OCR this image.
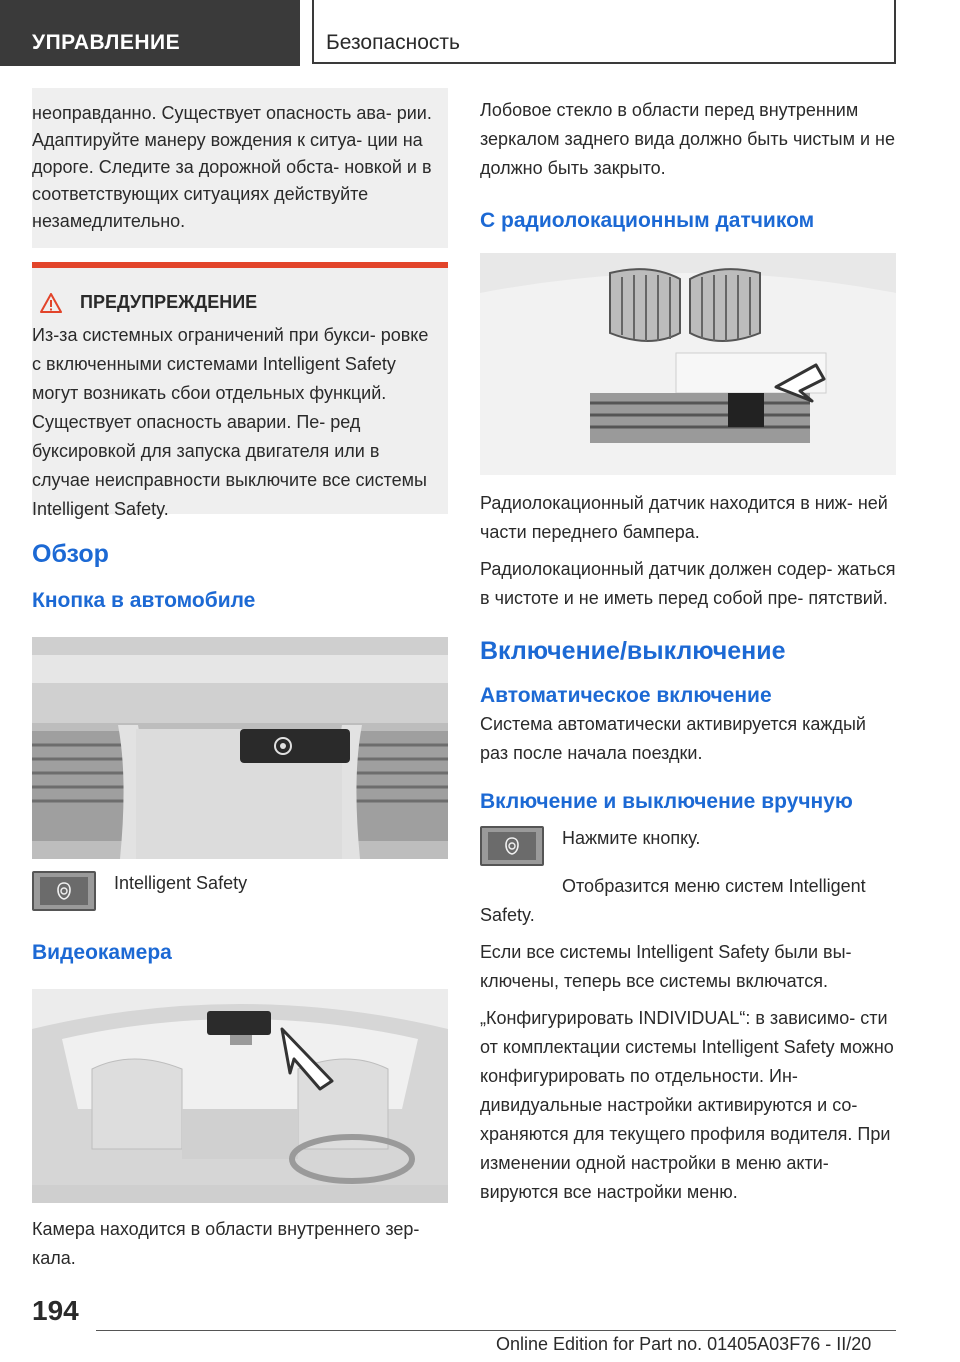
УПРАВЛЕНИЕ	Безопасность

неоправданно. Существует опасность ава- рии. Адаптируйте манеру вождения к ситуа- ции на дороге. Следите за дорожной обста- новкой и в соответствующих ситуациях действуйте незамедлительно.

ПРЕДУПРЕЖДЕНИЕ

Из-за системных ограничений при букси- ровке с включенными системами Intelligent Safety могут возникать сбои отдельных функций. Существует опасность аварии. Пе- ред буксировкой для запуска двигателя или в случае неисправности выключите все системы Intelligent Safety.

Обзор
Кнопка в автомобиле
Intelligent Safety
Видеокамера

Камера находится в области внутреннего зер- кала.

Лобовое стекло в области перед внутренним зеркалом заднего вида должно быть чистым и не должно быть закрыто.

С радиолокационным датчиком

Радиолокационный датчик находится в ниж- ней части переднего бампера.

Радиолокационный датчик должен содер- жаться в чистоте и не иметь перед собой пре- пятствий.

Включение/выключение
Автоматическое включение

Система автоматически активируется каждый раз после начала поездки.

Включение и выключение вручную

Нажмите кнопку.

Отобразится меню систем Intelligent Safety.

Если все системы Intelligent Safety были вы- ключены, теперь все системы включатся.

„Конфигурировать INDIVIDUAL“: в зависимо- сти от комплектации системы Intelligent Safety можно конфигурировать по отдельности. Ин- дивидуальные настройки активируются и со- храняются для текущего профиля водителя. При изменении одной настройки в меню акти- вируются все настройки меню.

194
Online Edition for Part no. 01405A03F76 - II/20
